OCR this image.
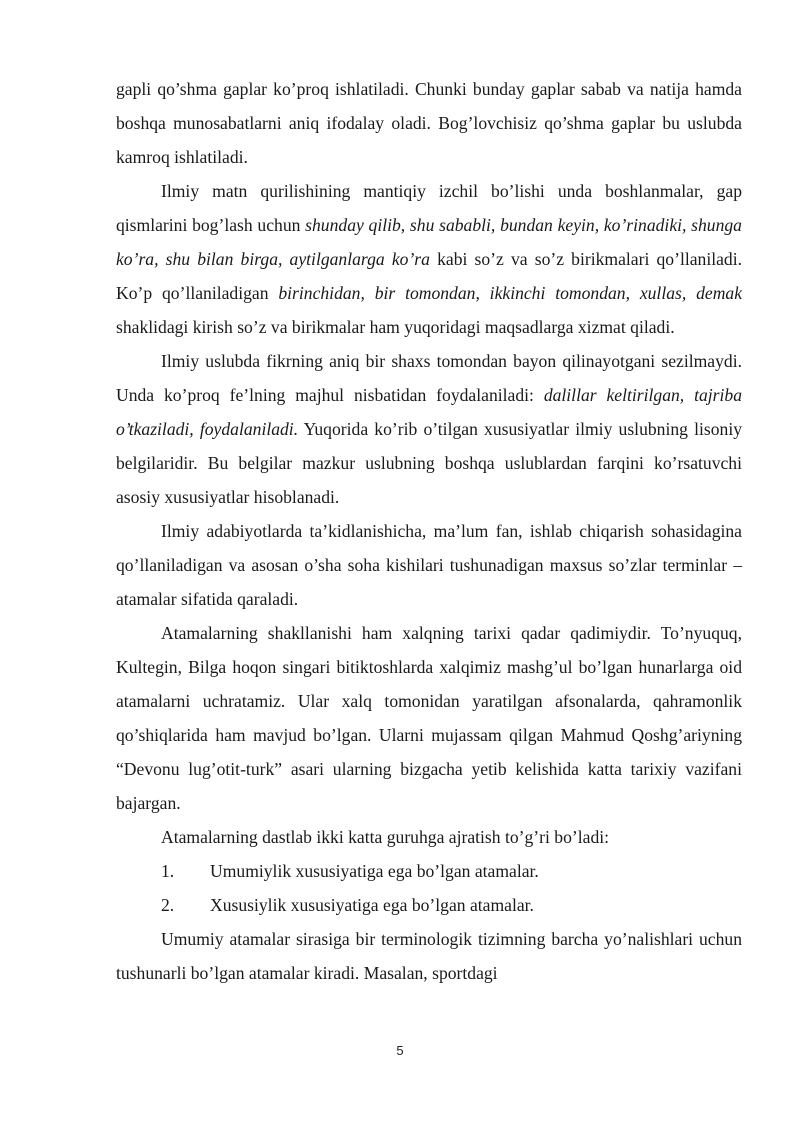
gapli qo’shma gaplar ko’proq ishlatiladi. Chunki bunday gaplar sabab va natija hamda boshqa munosabatlarni aniq ifodalay oladi. Bog’lovchisiz qo’shma gaplar bu uslubda kamroq ishlatiladi.

Ilmiy matn qurilishining mantiqiy izchil bo’lishi unda boshlanmalar, gap qismlarini bog’lash uchun shunday qilib, shu sababli, bundan keyin, ko’rinadiki, shunga ko’ra, shu bilan birga, aytilganlarga ko’ra kabi so’z va so’z birikmalari qo’llaniladi. Ko’p qo’llaniladigan birinchidan, bir tomondan, ikkinchi tomondan, xullas, demak shaklidagi kirish so’z va birikmalar ham yuqoridagi maqsadlarga xizmat qiladi.

Ilmiy uslubda fikrning aniq bir shaxs tomondan bayon qilinayotgani sezilmaydi. Unda ko’proq fe’lning majhul nisbatidan foydalaniladi: dalillar keltirilgan, tajriba o’tkaziladi, foydalaniladi. Yuqorida ko’rib o’tilgan xususiyatlar ilmiy uslubning lisoniy belgilaridir. Bu belgilar mazkur uslubning boshqa uslublardan farqini ko’rsatuvchi asosiy xususiyatlar hisoblanadi.

Ilmiy adabiyotlarda ta’kidlanishicha, ma’lum fan, ishlab chiqarish sohasidagina qo’llaniladigan va asosan o’sha soha kishilari tushunadigan maxsus so’zlar terminlar – atamalar sifatida qaraladi.

Atamalarning shakllanishi ham xalqning tarixi qadar qadimiydir. To’nyuquq, Kultegin, Bilga hoqon singari bitiktoshlarda xalqimiz mashg’ul bo’lgan hunarlarga oid atamalarni uchratamiz. Ular xalq tomonidan yaratilgan afsonalarda, qahramonlik qo’shiqlarida ham mavjud bo’lgan. Ularni mujassam qilgan Mahmud Qoshg’ariyning “Devonu lug’otit-turk” asari ularning bizgacha yetib kelishida katta tarixiy vazifani bajargan.

Atamalarning dastlab ikki katta guruhga ajratish to’g’ri bo’ladi:

1. Umumiylik xususiyatiga ega bo’lgan atamalar.

2. Xususiylik xususiyatiga ega bo’lgan atamalar.

Umumiy atamalar sirasiga bir terminologik tizimning barcha yo’nalishlari uchun tushunarli bo’lgan atamalar kiradi. Masalan, sportdagi

5
